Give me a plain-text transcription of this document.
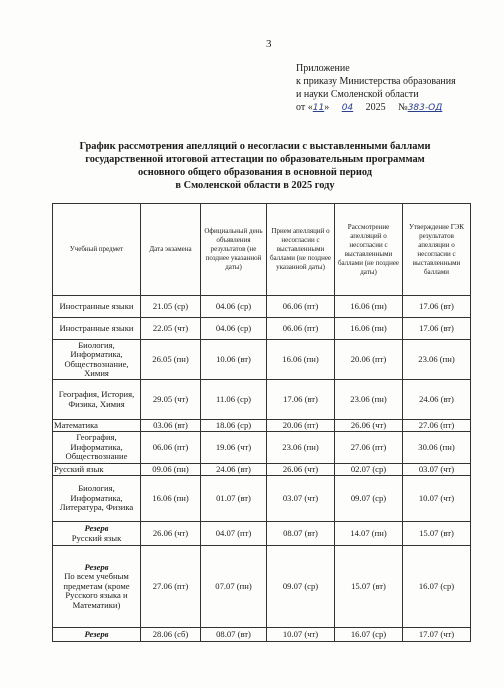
3
Приложение
к приказу Министерства образования
и науки Смоленской области
от «11» 04 2025 №383-ОД
График рассмотрения апелляций о несогласии с выставленными баллами
государственной итоговой аттестации по образовательным программам
основного общего образования в основной период
в Смоленской области в 2025 году
Учебный предмет	Дата экзамена	Официальный день объявления результатов (не позднее указанной даты)	Прием апелляций о несогласии с выставленными баллами (не позднее указанной даты)	Рассмотрение апелляций о несогласии с выставленными баллами (не позднее даты)	Утверждение ГЭК результатов апелляции о несогласии с выставленными баллами
Иностранные языки	21.05 (ср)	04.06 (ср)	06.06 (пт)	16.06 (пн)	17.06 (вт)
Иностранные языки	22.05 (чт)	04.06 (ср)	06.06 (пт)	16.06 (пн)	17.06 (вт)
Биология, Информатика, Обществознание, Химия	26.05 (пн)	10.06 (вт)	16.06 (пн)	20.06 (пт)	23.06 (пн)
География, История, Физика, Химия	29.05 (чт)	11.06 (ср)	17.06 (вт)	23.06 (пн)	24.06 (вт)
Математика	03.06 (вт)	18.06 (ср)	20.06 (пт)	26.06 (чт)	27.06 (пт)
География, Информатика, Обществознание	06.06 (пт)	19.06 (чт)	23.06 (пн)	27.06 (пт)	30.06 (пн)
Русский язык	09.06 (пн)	24.06 (вт)	26.06 (чт)	02.07 (ср)	03.07 (чт)
Биология, Информатика, Литература, Физика	16.06 (пн)	01.07 (вт)	03.07 (чт)	09.07 (ср)	10.07 (чт)

Резерв
Русский язык	26.06 (чт)	04.07 (пт)	08.07 (вт)	14.07 (пн)	15.07 (вт)

Резерв
По всем учебным предметам (кроме Русского языка и Математики)	27.06 (пт)	07.07 (пн)	09.07 (ср)	15.07 (вт)	16.07 (ср)
Резерв	28.06 (сб)	08.07 (вт)	10.07 (чт)	16.07 (ср)	17.07 (чт)
